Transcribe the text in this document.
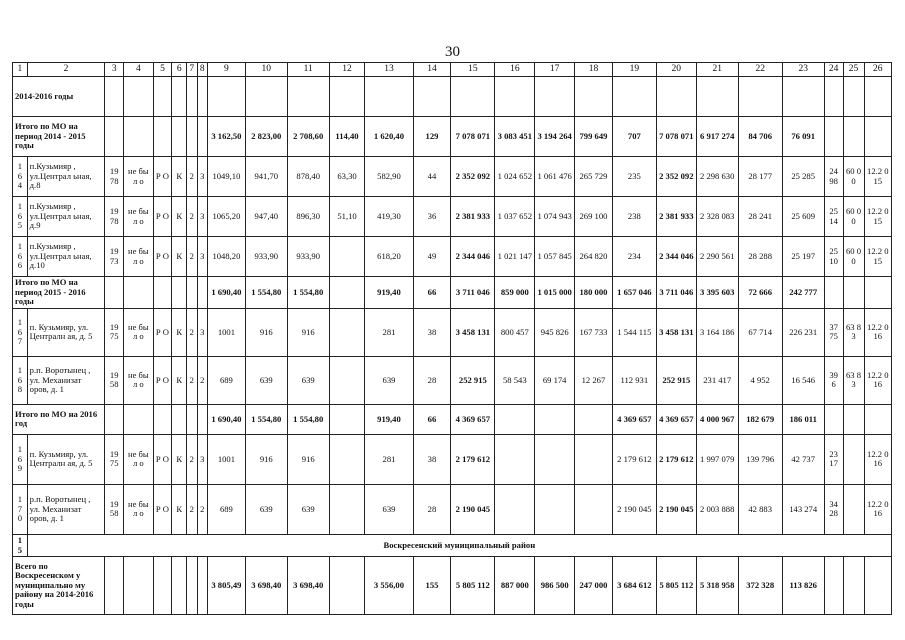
30
1	2	3	4	5	6	7	8	9	10	11	12	13	14	15	16	17	18	19	20	21	22	23	24	25	26
2014-2016 годы																									
Итого по МО на период 2014 - 2015 годы								3 162,50	2 823,00	2 708,60	114,40	1 620,40	129	7 078 071	3 083 451	3 194 264	799 649	707	7 078 071	6 917 274	84 706	76 091			
1 6 4	п.Кузьмияр , ул.Централ ьная, д.8	19 78	не был о	Р О	К	2	3	1049,10	941,70	878,40	63,30	582,90	44	2 352 092	1 024 652	1 061 476	265 729	235	2 352 092	2 298 630	28 177	25 285	24 98	60 00	12.2 015
1 6 5	п.Кузьмияр , ул.Централ ьная, д.9	19 78	не был о	Р О	К	2	3	1065,20	947,40	896,30	51,10	419,30	36	2 381 933	1 037 652	1 074 943	269 100	238	2 381 933	2 328 083	28 241	25 609	25 14	60 00	12.2 015
1 6 6	п.Кузьмияр , ул.Централ ьная, д.10	19 73	не был о	Р О	К	2	3	1048,20	933,90	933,90		618,20	49	2 344 046	1 021 147	1 057 845	264 820	234	2 344 046	2 290 561	28 288	25 197	25 10	60 00	12.2 015
Итого по МО на период 2015 - 2016 годы								1 690,40	1 554,80	1 554,80		919,40	66	3 711 046	859 000	1 015 000	180 000	1 657 046	3 711 046	3 395 603	72 666	242 777			
1 6 7	п. Кузьмияр, ул. Централн ая, д. 5	19 75	не был о	Р О	К	2	3	1001	916	916		281	38	3 458 131	800 457	945 826	167 733	1 544 115	3 458 131	3 164 186	67 714	226 231	37 75	63 83	12.2 016
1 6 8	р.п. Воротынец , ул. Механизат оров, д. 1	19 58	не был о	Р О	К	2	2	689	639	639		639	28	252 915	58 543	69 174	12 267	112 931	252 915	231 417	4 952	16 546	39 6	63 83	12.2 016
Итого по МО на 2016 год								1 690,40	1 554,80	1 554,80		919,40	66	4 369 657				4 369 657	4 369 657	4 000 967	182 679	186 011			
1 6 9	п. Кузьмияр, ул. Централн ая, д. 5	19 75	не был о	Р О	К	2	3	1001	916	916		281	38	2 179 612				2 179 612	2 179 612	1 997 079	139 796	42 737	23 17		12.2 016
1 7 0	р.п. Воротынец , ул. Механизат оров, д. 1	19 58	не был о	Р О	К	2	2	689	639	639		639	28	2 190 045				2 190 045	2 190 045	2 003 888	42 883	143 274	34 28		12.2 016
1 5	Воскресенский муниципальный район																								
Всего по Воскресенском у муниципально му району на 2014-2016 годы								3 805,49	3 698,40	3 698,40		3 556,00	155	5 805 112	887 000	986 500	247 000	3 684 612	5 805 112	5 318 958	372 328	113 826			
